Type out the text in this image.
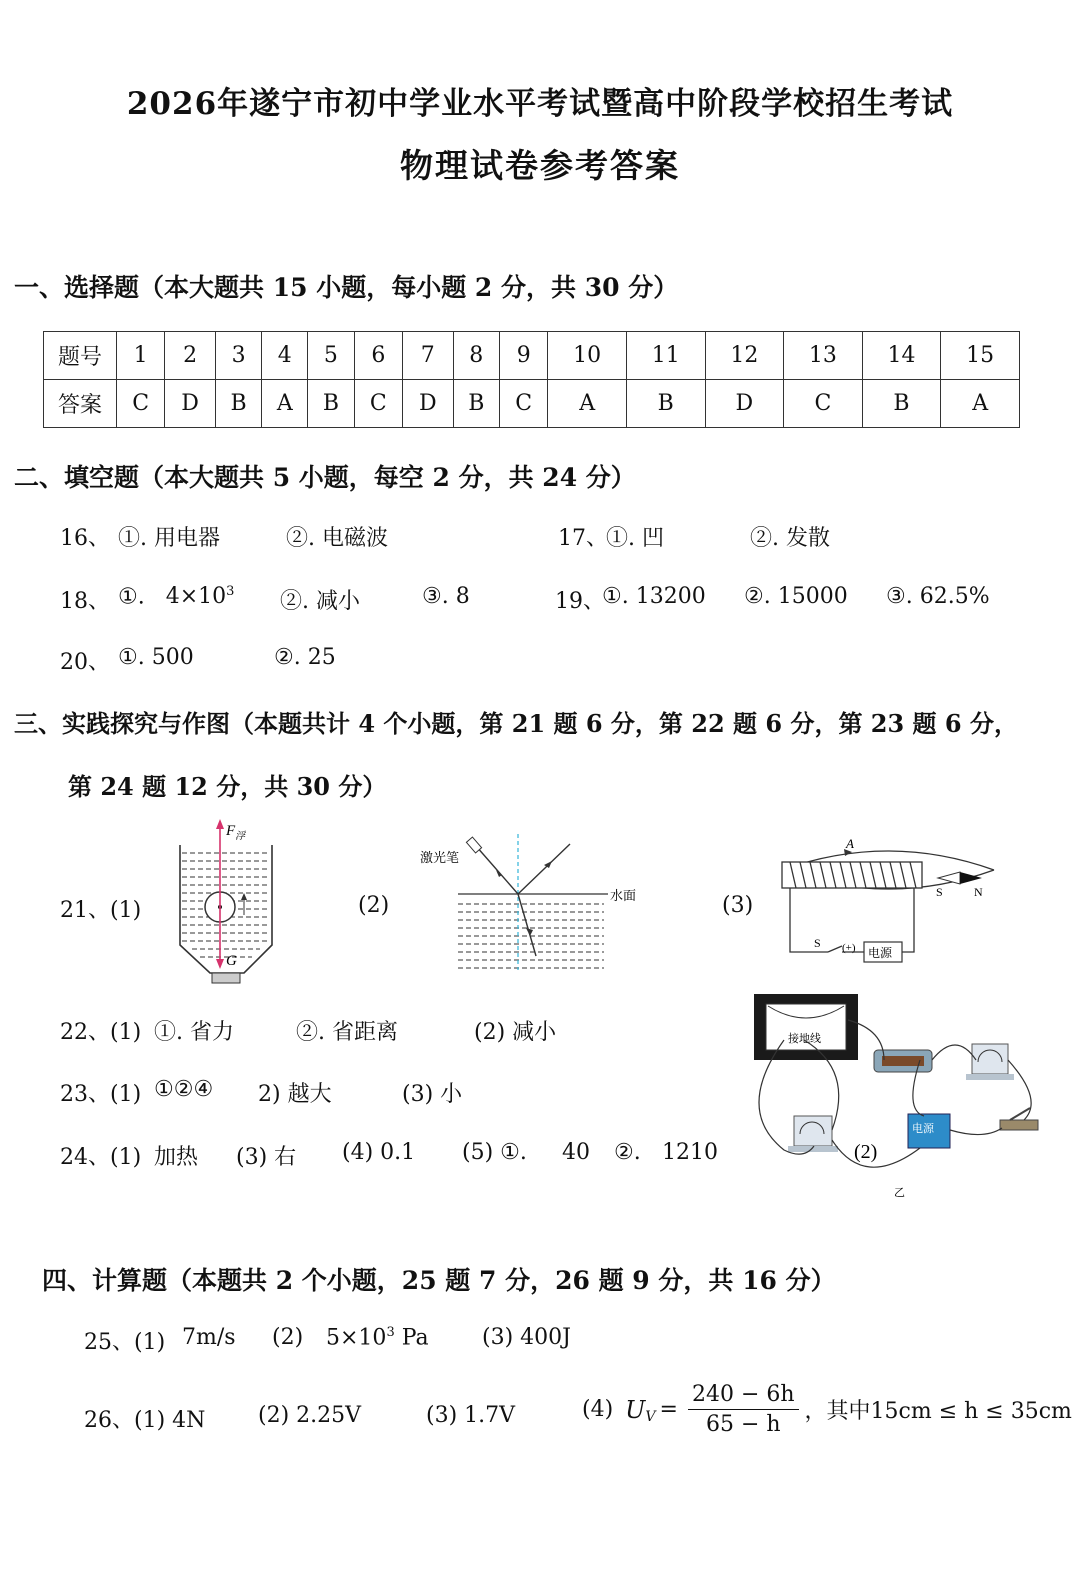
2026年遂宁市初中学业水平考试暨高中阶段学校招生考试
物理试卷参考答案
一、选择题（本大题共 15 小题，每小题 2 分，共 30 分）
题号	1	2	3	4	5	6	7	8	9	10	11	12	13	14	15
答案	C	D	B	A	B	C	D	B	C	A	B	D	C	B	A
二、填空题（本大题共 5 小题，每空 2 分，共 24 分）
16、 ①. 用电器	②. 电磁波	17、
①. 凹	②. 发散
18、 ①. $4\times 10^3$ ②. 减小	③. 8	19、
①. 13200 ②. 15000 ③. 62.5%
20、 ①. 500	②. 25
三、实践探究与作图（本题共计 4 个小题，第 21 题 6 分，第 22 题 6 分，第 23 题 6 分，
第 24 题 12 分，共 30 分）
21、(1)	(2)	(3)
$F_浮$
G
激光笔
水面
A
S	N
S (+) 电源
接地线
电源
(2)
乙
22、(1) ①. 省力	②. 省距离	(2) 减小
23、(1) ①②④ 2) 越大	(3) 小
24、(1) 加热 (3) 右 (4) 0.1 (5) ①. 40 ②. 1210
四、计算题（本题共 2 个小题，25 题 7 分，26 题 9 分，共 16 分）
25、(1) 7m/s (2) $5\times 10^3$ Pa (3) 400J
26、(1) 4N (2) 2.25V	(3) 1.7V	(4) U $V = \frac{240 - 6h}{65 - h}$ ，其中15cm ≤ h ≤ 35cm
